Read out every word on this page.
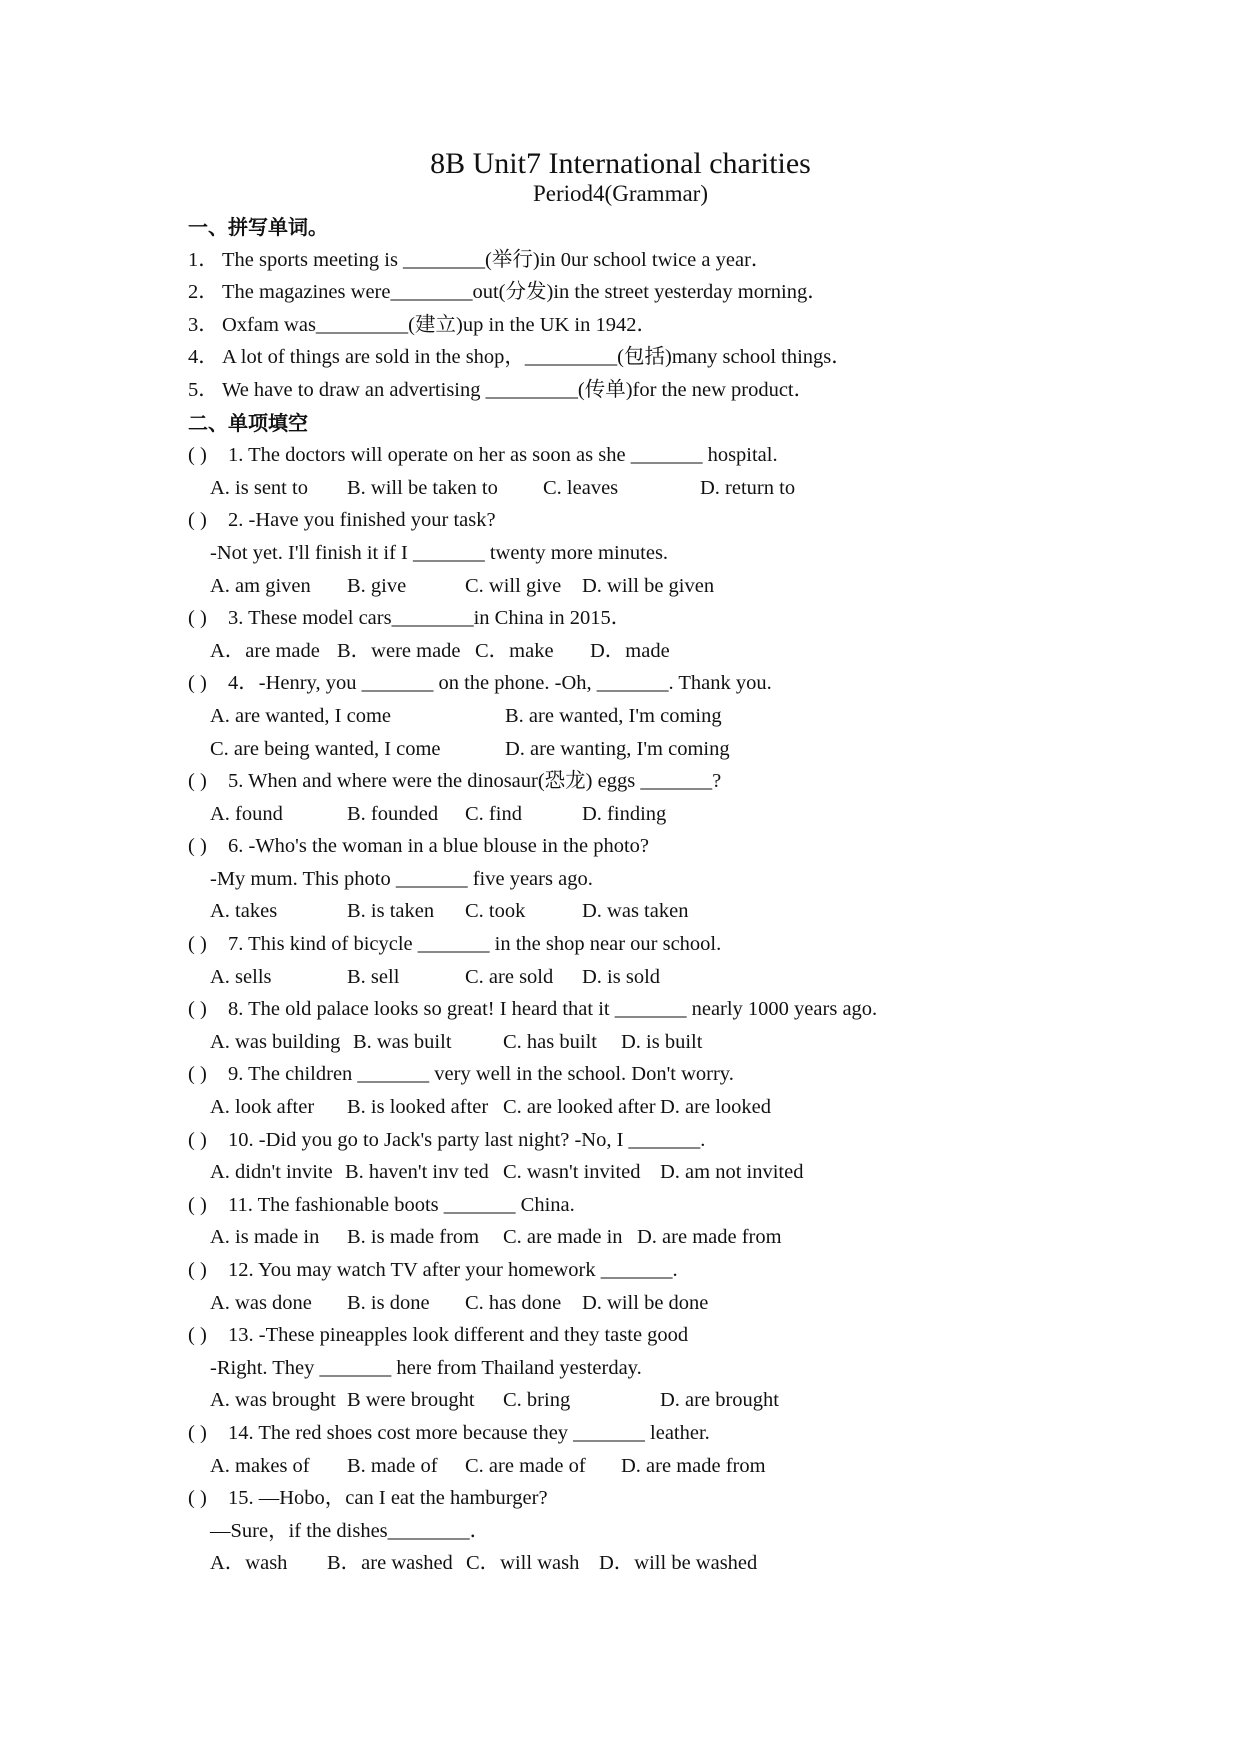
8B Unit7 International charities
Period4(Grammar)
一、拼写单词。
1． The sports meeting is ________(举行)in 0ur school twice a year．
2． The magazines were________out(分发)in the street yesterday morning．
3． Oxfam was_________(建立)up in the UK in 1942．
4． A lot of things are sold in the shop，_________(包括)many school things．
5． We have to draw an advertising _________(传单)for the new product．
二、单项填空
( )	1. The doctors will operate on her as soon as she _______ hospital.
A. is sent to B. will be taken to C. leaves	D. return to
( )	2. -Have you finished your task?
-Not yet. I'll finish it if I _______ twenty more minutes.
A. am given B. give	C. will give D. will be given
( )	3. These model cars________in China in 2015．
A．are made B．were made C．make D．made
( )	4．-Henry, you _______ on the phone. -Oh, _______. Thank you.
A. are wanted, I come	B. are wanted, I'm coming
C. are being wanted, I come	D. are wanting, I'm coming
( )	5. When and where were the dinosaur(恐龙) eggs _______?
A. found	B. founded C. find	D. finding
( )	6. -Who's the woman in a blue blouse in the photo?
-My mum. This photo _______ five years ago.
A. takes	B. is taken C. took	D. was taken
( )	7. This kind of bicycle _______ in the shop near our school.
A. sells	B. sell	C. are sold D. is sold
( )	8. The old palace looks so great! I heard that it _______ nearly 1000 years ago.
A. was building B. was built	C. has built D. is built
( )	9. The children _______ very well in the school. Don't worry.
A. look after B. is looked after C. are looked after D. are looked
( )	10. -Did you go to Jack's party last night? -No, I _______.
A. didn't invite B. haven't inv ted C. wasn't invited D. am not invited
( )	11. The fashionable boots _______ China.
A. is made in B. is made from C. are made in D. are made from
( )	12. You may watch TV after your homework _______.
A. was done B. is done C. has done D. will be done
( )	13. -These pineapples look different and they taste good
-Right. They _______ here from Thailand yesterday.
A. was brought B were brought C. bring	D. are brought
( )	14. The red shoes cost more because they _______ leather.
A. makes of B. made of C. are made of D. are made from
( )	15. —Hobo，can I eat the hamburger?
—Sure，if the dishes________．
A．wash B．are washed C．will wash D．will be washed
